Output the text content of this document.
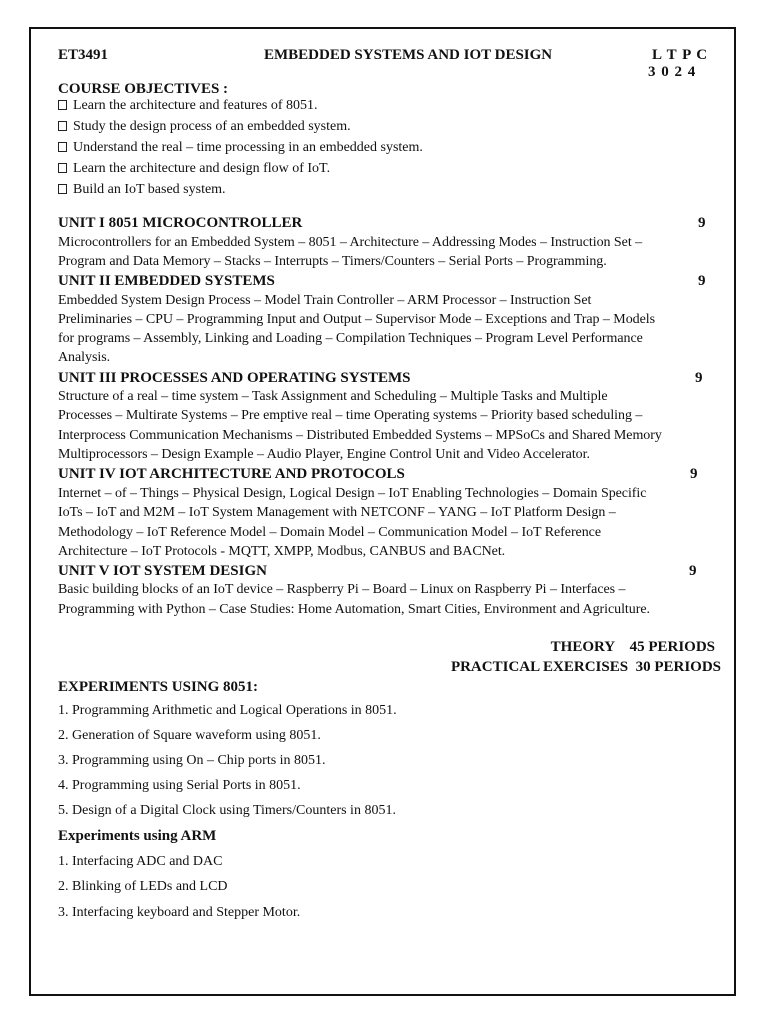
ET3491	EMBEDDED SYSTEMS AND IOT DESIGN	L T P C
3 0 2 4
COURSE OBJECTIVES :
Learn the architecture and features of 8051.
Study the design process of an embedded system.
Understand the real – time processing in an embedded system.
Learn the architecture and design flow of IoT.
Build an IoT based system.
UNIT I 8051 MICROCONTROLLER	9
Microcontrollers for an Embedded System – 8051 – Architecture – Addressing Modes – Instruction Set –
Program and Data Memory – Stacks – Interrupts – Timers/Counters – Serial Ports – Programming.
UNIT II EMBEDDED SYSTEMS	9
Embedded System Design Process – Model Train Controller – ARM Processor – Instruction Set
Preliminaries – CPU – Programming Input and Output – Supervisor Mode – Exceptions and Trap – Models
for programs – Assembly, Linking and Loading – Compilation Techniques – Program Level Performance
Analysis.
UNIT III PROCESSES AND OPERATING SYSTEMS	9
Structure of a real – time system – Task Assignment and Scheduling – Multiple Tasks and Multiple
Processes – Multirate Systems – Pre emptive real – time Operating systems – Priority based scheduling –
Interprocess Communication Mechanisms – Distributed Embedded Systems – MPSoCs and Shared Memory
Multiprocessors – Design Example – Audio Player, Engine Control Unit and Video Accelerator.
UNIT IV IOT ARCHITECTURE AND PROTOCOLS	9
Internet – of – Things – Physical Design, Logical Design – IoT Enabling Technologies – Domain Specific
IoTs – IoT and M2M – IoT System Management with NETCONF – YANG – IoT Platform Design –
Methodology – IoT Reference Model – Domain Model – Communication Model – IoT Reference
Architecture – IoT Protocols - MQTT, XMPP, Modbus, CANBUS and BACNet.
UNIT V IOT SYSTEM DESIGN	9
Basic building blocks of an IoT device – Raspberry Pi – Board – Linux on Raspberry Pi – Interfaces –
Programming with Python – Case Studies: Home Automation, Smart Cities, Environment and Agriculture.
THEORY    45 PERIODS
PRACTICAL EXERCISES  30 PERIODS
EXPERIMENTS USING 8051:
1. Programming Arithmetic and Logical Operations in 8051.
2. Generation of Square waveform using 8051.
3. Programming using On – Chip ports in 8051.
4. Programming using Serial Ports in 8051.
5. Design of a Digital Clock using Timers/Counters in 8051.
Experiments using ARM
1. Interfacing ADC and DAC
2. Blinking of LEDs and LCD
3. Interfacing keyboard and Stepper Motor.
